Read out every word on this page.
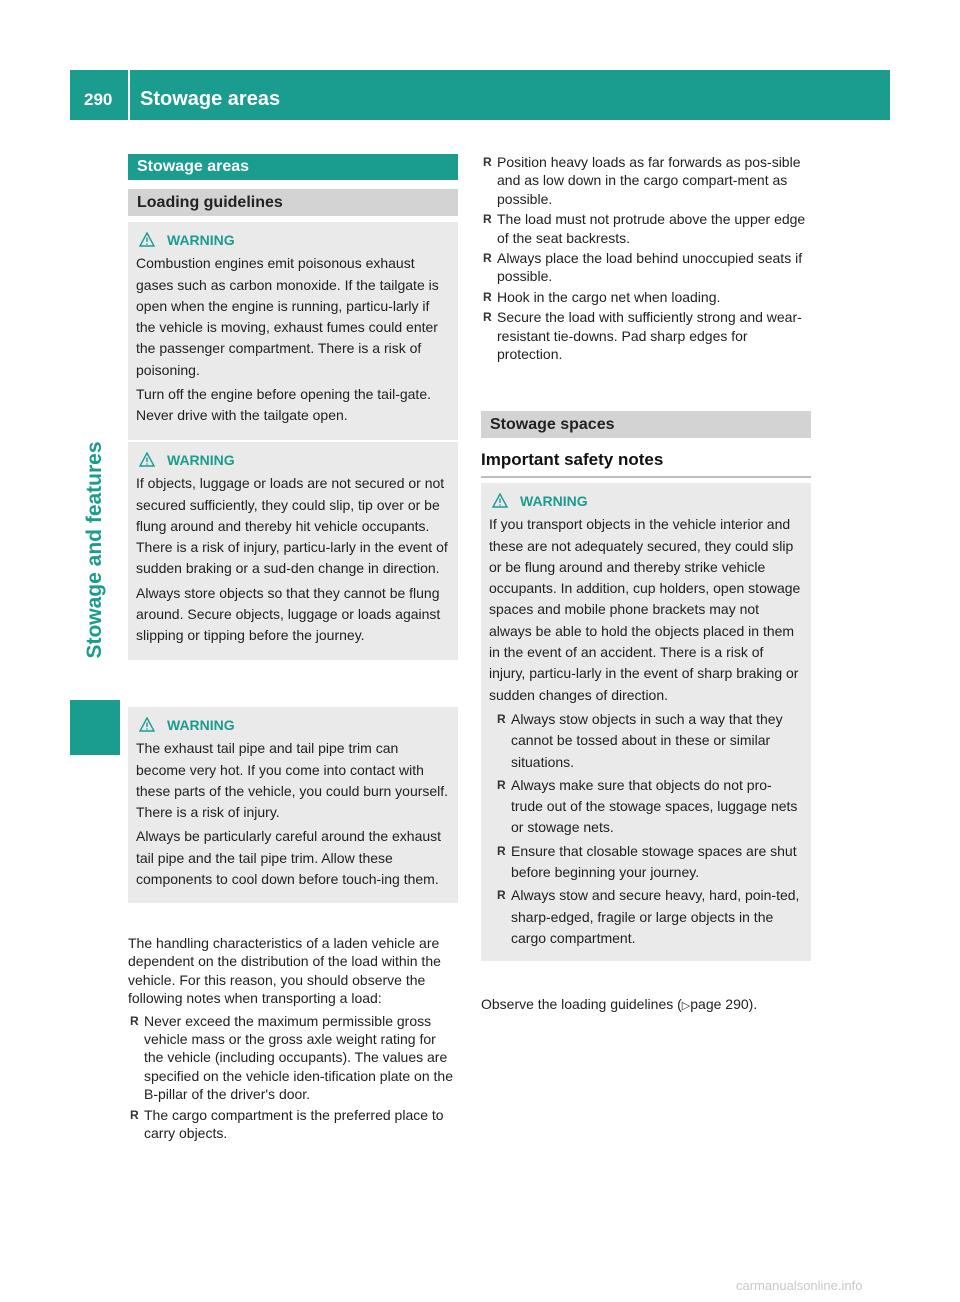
290 Stowage areas
Stowage and features
Stowage areas
Loading guidelines
WARNING

Combustion engines emit poisonous exhaust gases such as carbon monoxide. If the tailgate is open when the engine is running, particu-larly if the vehicle is moving, exhaust fumes could enter the passenger compartment. There is a risk of poisoning.

Turn off the engine before opening the tail-gate. Never drive with the tailgate open.

WARNING

If objects, luggage or loads are not secured or not secured sufficiently, they could slip, tip over or be flung around and thereby hit vehicle occupants. There is a risk of injury, particu-larly in the event of sudden braking or a sud-den change in direction.

Always store objects so that they cannot be flung around. Secure objects, luggage or loads against slipping or tipping before the journey.

WARNING

The exhaust tail pipe and tail pipe trim can become very hot. If you come into contact with these parts of the vehicle, you could burn yourself. There is a risk of injury.

Always be particularly careful around the exhaust tail pipe and the tail pipe trim. Allow these components to cool down before touch-ing them.

The handling characteristics of a laden vehicle are dependent on the distribution of the load within the vehicle. For this reason, you should observe the following notes when transporting a load:
R Never exceed the maximum permissible gross vehicle mass or the gross axle weight rating for the vehicle (including occupants). The values are specified on the vehicle iden-tification plate on the B-pillar of the driver's door.
R The cargo compartment is the preferred place to carry objects.
R Position heavy loads as far forwards as pos-sible and as low down in the cargo compart-ment as possible.
R The load must not protrude above the upper edge of the seat backrests.
R Always place the load behind unoccupied seats if possible.
R Hook in the cargo net when loading.
R Secure the load with sufficiently strong and wear-resistant tie-downs. Pad sharp edges for protection.
Stowage spaces
Important safety notes
WARNING

If you transport objects in the vehicle interior and these are not adequately secured, they could slip or be flung around and thereby strike vehicle occupants. In addition, cup holders, open stowage spaces and mobile phone brackets may not always be able to hold the objects placed in them in the event of an accident. There is a risk of injury, particu-larly in the event of sharp braking or sudden changes of direction.

R Always stow objects in such a way that they cannot be tossed about in these or similar situations.
R Always make sure that objects do not pro-trude out of the stowage spaces, luggage nets or stowage nets.
R Ensure that closable stowage spaces are shut before beginning your journey.
R Always stow and secure heavy, hard, poin-ted, sharp-edged, fragile or large objects in the cargo compartment.
Observe the loading guidelines (▷page 290).
carmanualsonline.info
